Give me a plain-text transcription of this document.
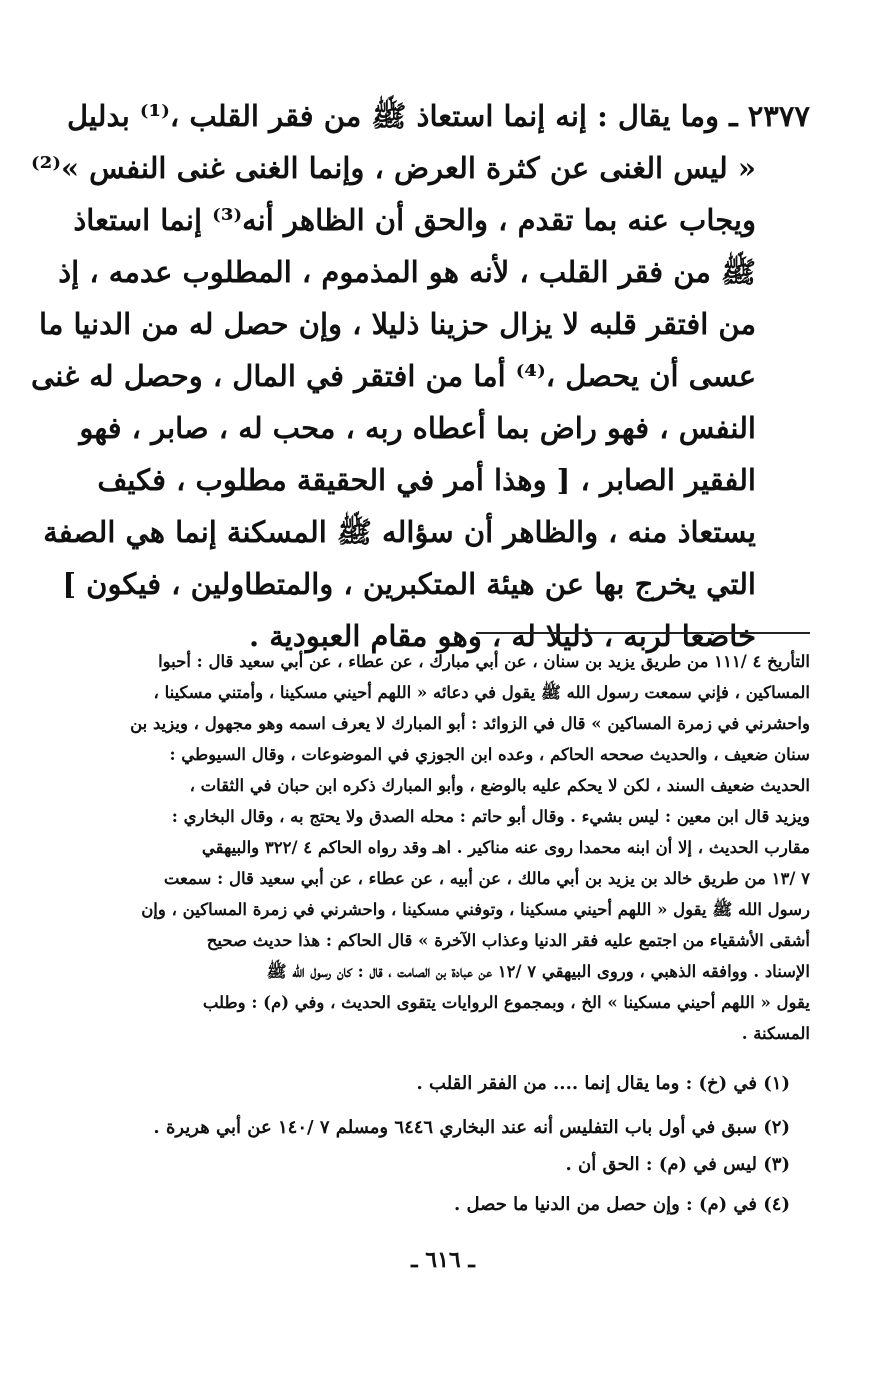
٢٣٧٧ ـ وما يقال : إنه إنما استعاذ ﷺ من فقر القلب ،⁽¹⁾ بدليل
« ليس الغنى عن كثرة العرض ، وإنما الغنى غنى النفس »⁽²⁾
ويجاب عنه بما تقدم ، والحق أن الظاهر أنه⁽³⁾ إنما استعاذ
ﷺ من فقر القلب ، لأنه هو المذموم ، المطلوب عدمه ، إذ
من افتقر قلبه لا يزال حزينا ذليلا ، وإن حصل له من الدنيا ما
عسى أن يحصل ،⁽⁴⁾ أما من افتقر في المال ، وحصل له غنى
النفس ، فهو راض بما أعطاه ربه ، محب له ، صابر ، فهو
الفقير الصابر ، [ وهذا أمر في الحقيقة مطلوب ، فكيف
يستعاذ منه ، والظاهر أن سؤاله ﷺ المسكنة إنما هي الصفة
التي يخرج بها عن هيئة المتكبرين ، والمتطاولين ، فيكون ]
خاضعا لربه ، ذليلا له ، وهو مقام العبودية .
التأريخ ٤ /١١١ من طريق يزيد بن سنان ، عن أبي مبارك ، عن عطاء ، عن أبي سعيد قال : أحبوا
المساكين ، فإني سمعت رسول الله ﷺ يقول في دعائه « اللهم أحيني مسكينا ، وأمتني مسكينا ،
واحشرني في زمرة المساكين » قال في الزوائد : أبو المبارك لا يعرف اسمه وهو مجهول ، ويزيد بن
سنان ضعيف ، والحديث صححه الحاكم ، وعده ابن الجوزي في الموضوعات ، وقال السيوطي :
الحديث ضعيف السند ، لكن لا يحكم عليه بالوضع ، وأبو المبارك ذكره ابن حبان في الثقات ،
ويزيد قال ابن معين : ليس بشيء . وقال أبو حاتم : محله الصدق ولا يحتج به ، وقال البخاري :
مقارب الحديث ، إلا أن ابنه محمدا روى عنه مناكير . اهـ وقد رواه الحاكم ٤ /٣٢٢ والبيهقي
٧ /١٣ من طريق خالد بن يزيد بن أبي مالك ، عن أبيه ، عن عطاء ، عن أبي سعيد قال : سمعت
رسول الله ﷺ يقول « اللهم أحيني مسكينا ، وتوفني مسكينا ، واحشرني في زمرة المساكين ، وإن
أشقى الأشقياء من اجتمع عليه فقر الدنيا وعذاب الآخرة » قال الحاكم : هذا حديث صحيح
الإسناد . ووافقه الذهبي ، وروى البيهقي ٧ /١٢ عن عبادة بن الصامت ، قال : كان رسول الله ﷺ
يقول « اللهم أحيني مسكينا » الخ ، وبمجموع الروايات يتقوى الحديث ، وفي (م) : وطلب
المسكنة .
(١) في (خ) : وما يقال إنما .... من الفقر القلب .
(٢) سبق في أول باب التفليس أنه عند البخاري ٦٤٤٦ ومسلم ٧ /١٤٠ عن أبي هريرة .
(٣) ليس في (م) : الحق أن .
(٤) في (م) : وإن حصل من الدنيا ما حصل .
ـ ٦١٦ ـ
